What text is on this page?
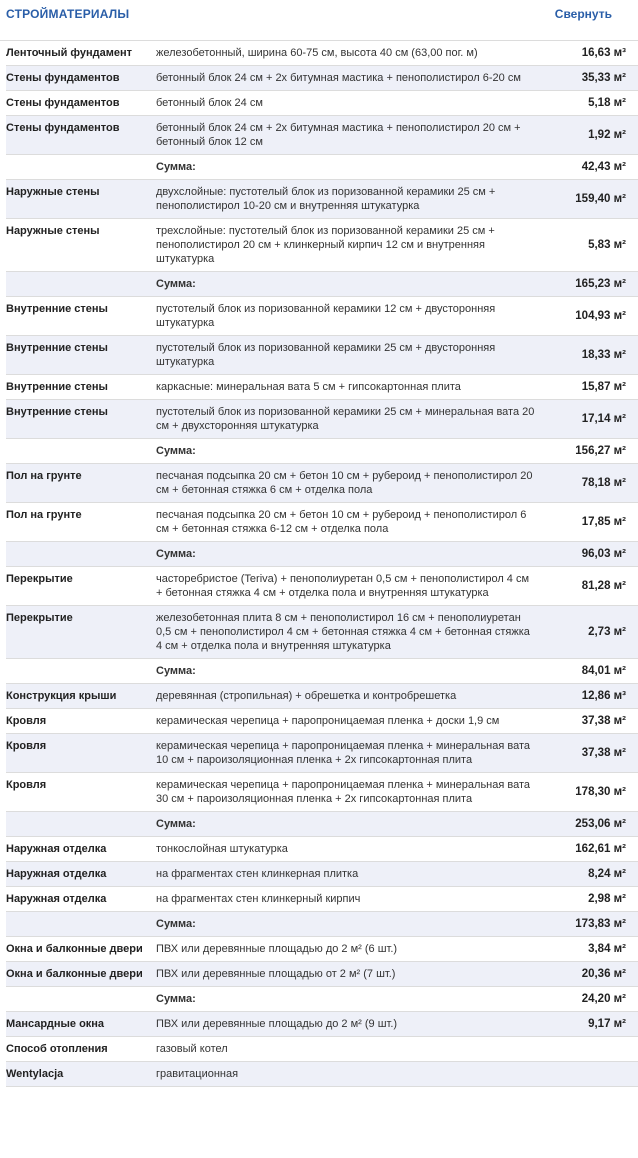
СТРОЙМАТЕРИАЛЫ	Свернуть
Ленточный фундамент	железобетонный, ширина 60-75 см, высота 40 см (63,00 пог. м)	16,63 м³
Стены фундаментов	бетонный блок 24 см + 2х битумная мастика + пенополистирол 6-20 см	35,33 м²
Стены фундаментов	бетонный блок 24 см	5,18 м²
Стены фундаментов	бетонный блок 24 см + 2х битумная мастика + пенополистирол 20 см + бетонный блок 12 см	1,92 м²
	Сумма:	42,43 м²
Наружные стены	двухслойные: пустотелый блок из поризованной керамики 25 см + пенополистирол 10-20 см и внутренняя штукатурка	159,40 м²
Наружные стены	трехслойные: пустотелый блок из поризованной керамики 25 см + пенополистирол 20 см + клинкерный кирпич 12 см и внутренняя штукатурка	5,83 м²
	Сумма:	165,23 м²
Внутренние стены	пустотелый блок из поризованной керамики 12 см + двусторонняя штукатурка	104,93 м²
Внутренние стены	пустотелый блок из поризованной керамики 25 см + двусторонняя штукатурка	18,33 м²
Внутренние стены	каркасные: минеральная вата 5 см + гипсокартонная плита	15,87 м²
Внутренние стены	пустотелый блок из поризованной керамики 25 см + минеральная вата 20 см + двухсторонняя штукатурка	17,14 м²
	Сумма:	156,27 м²
Пол на грунте	песчаная подсыпка 20 см + бетон 10 см + рубероид + пенополистирол 20 см + бетонная стяжка 6 см + отделка пола	78,18 м²
Пол на грунте	песчаная подсыпка 20 см + бетон 10 см + рубероид + пенополистирол 6 см + бетонная стяжка 6-12 см + отделка пола	17,85 м²
	Сумма:	96,03 м²
Перекрытие	часторебристое (Teriva) + пенополиуретан 0,5 см + пенополистирол 4 см + бетонная стяжка 4 см + отделка пола и внутренняя штукатурка	81,28 м²
Перекрытие	железобетонная плита 8 см + пенополистирол 16 см + пенополиуретан 0,5 см + пенополистирол 4 см + бетонная стяжка 4 см + бетонная стяжка 4 см + отделка пола и внутренняя штукатурка	2,73 м²
	Сумма:	84,01 м²
Конструкция крыши	деревянная (стропильная) + обрешетка и контробрешетка	12,86 м³
Кровля	керамическая черепица + паропроницаемая пленка + доски 1,9 см	37,38 м²
Кровля	керамическая черепица + паропроницаемая пленка + минеральная вата 10 см + пароизоляционная пленка + 2х гипсокартонная плита	37,38 м²
Кровля	керамическая черепица + паропроницаемая пленка + минеральная вата 30 см + пароизоляционная пленка + 2х гипсокартонная плита	178,30 м²
	Сумма:	253,06 м²
Наружная отделка	тонкослойная штукатурка	162,61 м²
Наружная отделка	на фрагментах стен клинкерная плитка	8,24 м²
Наружная отделка	на фрагментах стен клинкерный кирпич	2,98 м²
	Сумма:	173,83 м²
Окна и балконные двери	ПВХ или деревянные площадью до 2 м² (6 шт.)	3,84 м²
Окна и балконные двери	ПВХ или деревянные площадью от 2 м² (7 шт.)	20,36 м²
	Сумма:	24,20 м²
Мансардные окна	ПВХ или деревянные площадью до 2 м² (9 шт.)	9,17 м²
Способ отопления	газовый котел	
Wentylacja	гравитационная	
